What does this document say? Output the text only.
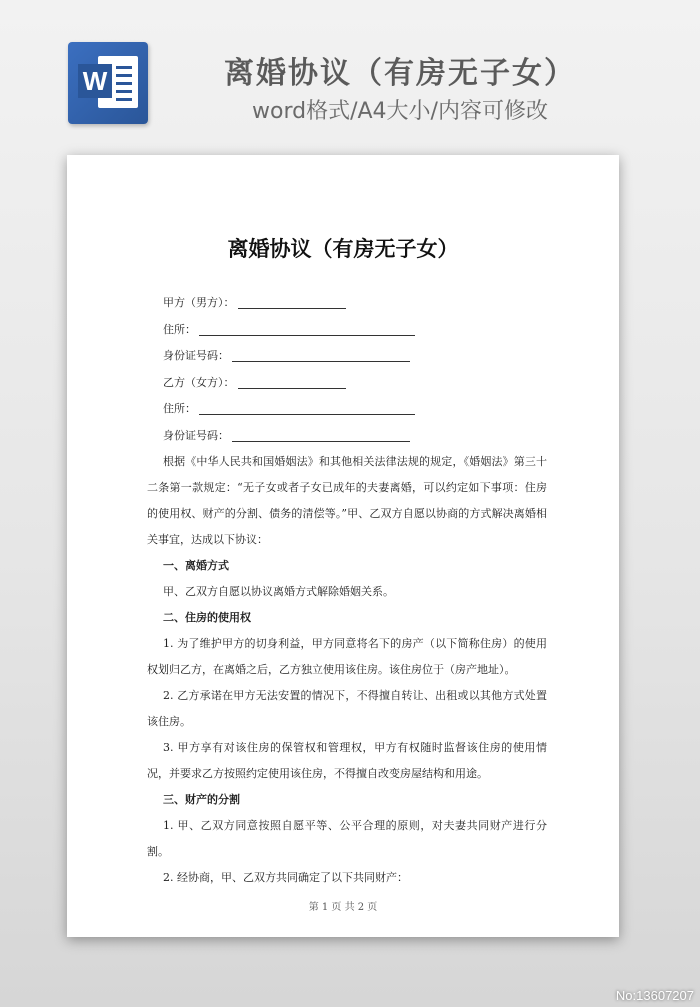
W	离婚协议（有房无子女）
word格式/A4大小/内容可修改
离婚协议（有房无子女）
甲方（男方）：
住所：
身份证号码：
乙方（女方）：
住所：
身份证号码：

根据《中华人民共和国婚姻法》和其他相关法律法规的规定，《婚姻法》第三十二条第一款规定：“无子女或者子女已成年的夫妻离婚，可以约定如下事项：住房的使用权、财产的分割、债务的清偿等。”甲、乙双方自愿以协商的方式解决离婚相关事宜，达成以下协议：

一、离婚方式

甲、乙双方自愿以协议离婚方式解除婚姻关系。

二、住房的使用权

1. 为了维护甲方的切身利益，甲方同意将名下的房产（以下简称住房）的使用权划归乙方，在离婚之后，乙方独立使用该住房。该住房位于（房产地址）。

2. 乙方承诺在甲方无法安置的情况下，不得擅自转让、出租或以其他方式处置该住房。

3. 甲方享有对该住房的保管权和管理权，甲方有权随时监督该住房的使用情况，并要求乙方按照约定使用该住房，不得擅自改变房屋结构和用途。

三、财产的分割

1. 甲、乙双方同意按照自愿平等、公平合理的原则，对夫妻共同财产进行分割。

2. 经协商，甲、乙双方共同确定了以下共同财产：

第 1 页 共 2 页
No:13607207
